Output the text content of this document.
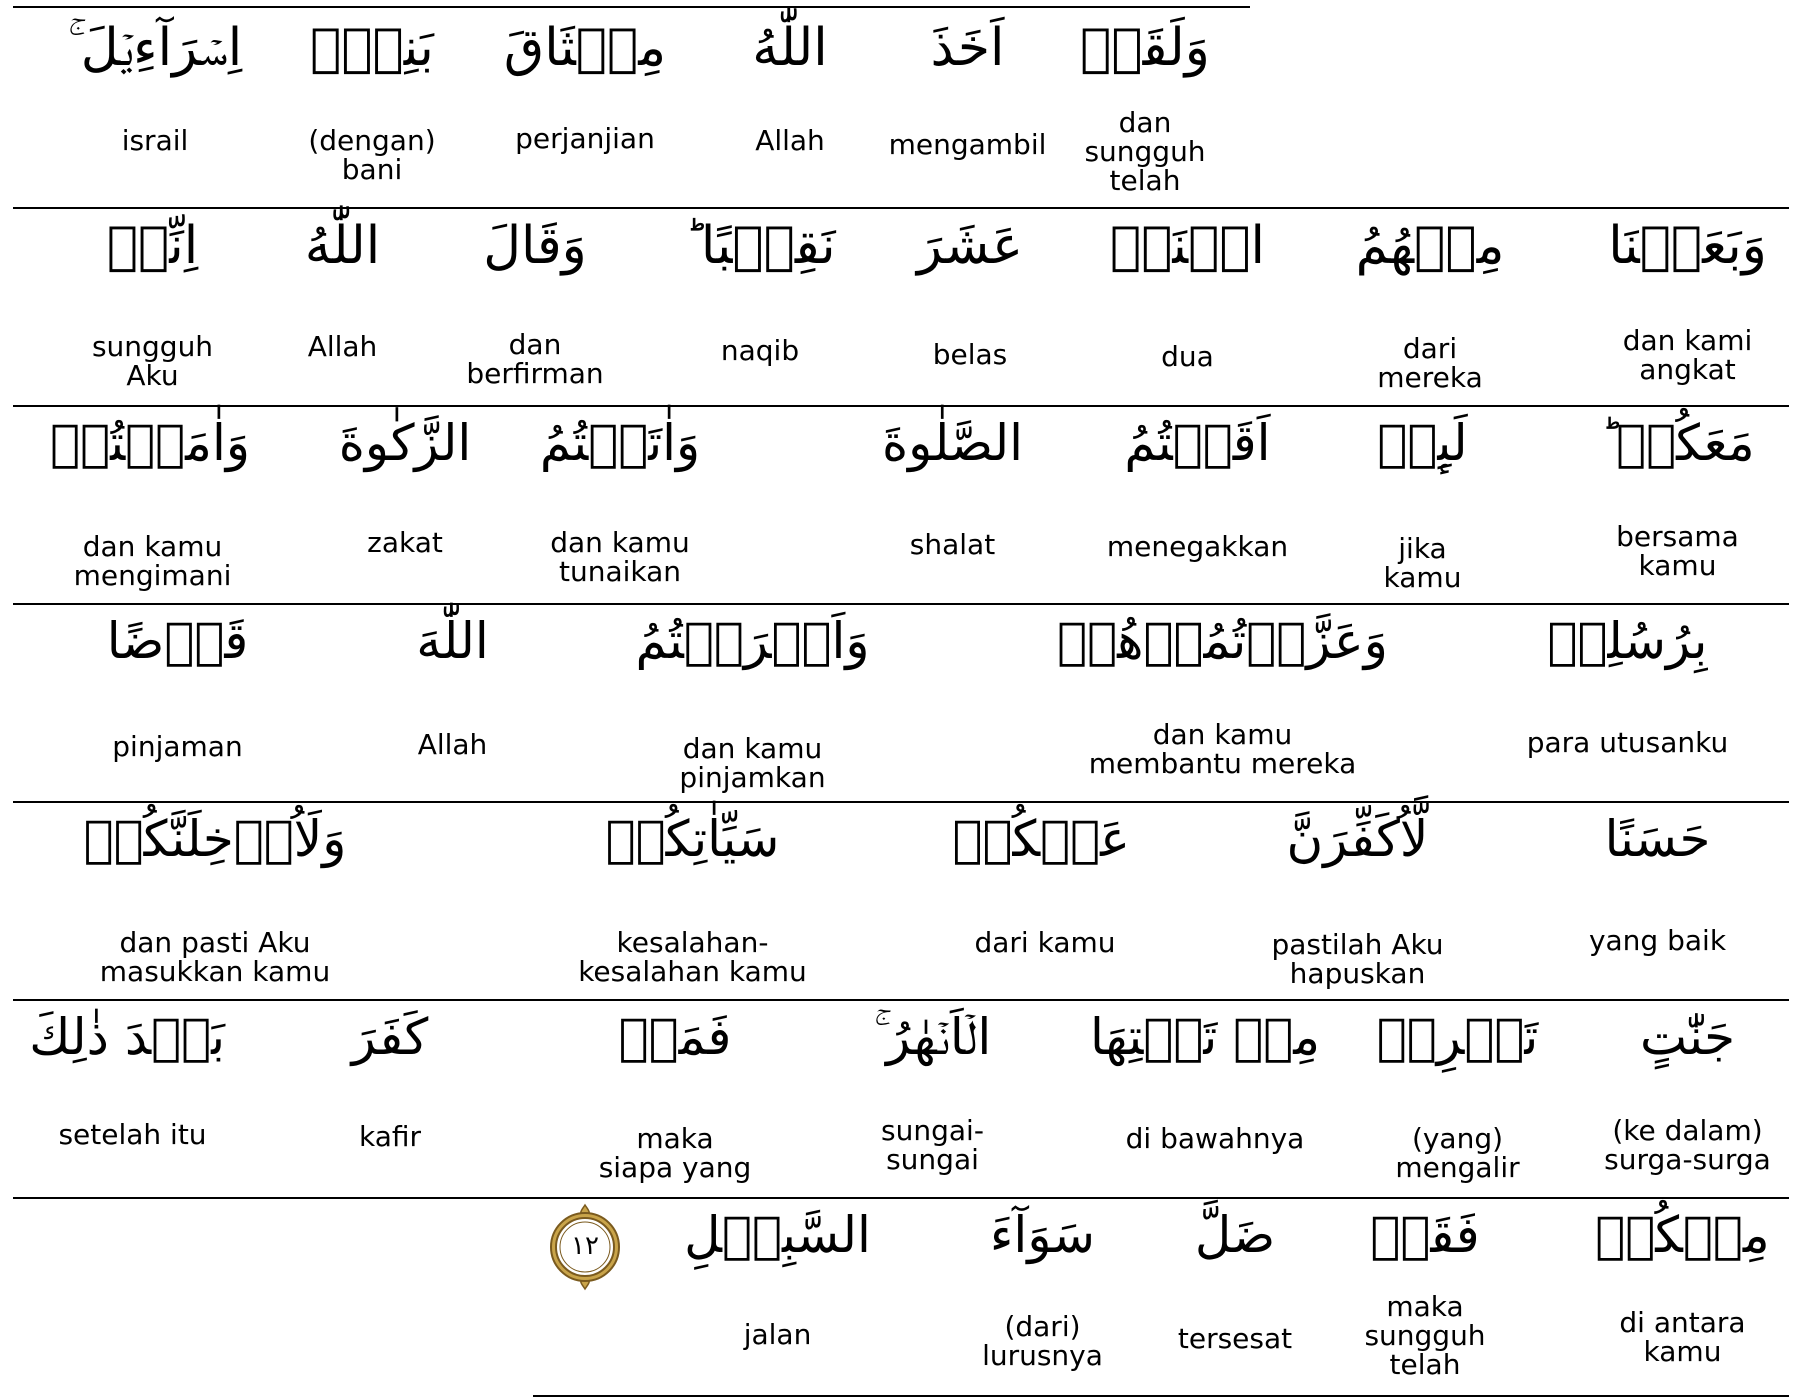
اِسۡرَآءِيۡلَ ۚ
israil
بَنِيۡٓ
(dengan)
bani
مِيۡثَاقَ
perjanjian
اللّٰهُ
Allah
اَخَذَ
mengambil
وَلَقَدۡ
dan
sungguh
telah
اِنِّيۡ
sungguh
Aku
اللّٰهُ
Allah
وَقَالَ
dan
berfirman
نَقِيۡبًا ؕ
naqib
عَشَرَ
belas
اثۡنَيۡ
dua
مِنۡهُمُ
dari
mereka
وَبَعَثۡنَا
dan kami
angkat
وَاٰمَنۡتُمۡ
dan kamu
mengimani
الزَّكٰوةَ
zakat
وَاٰتَيۡتُمُ
dan kamu
tunaikan
الصَّلٰوةَ
shalat
اَقَمۡتُمُ
menegakkan
لَٮِٕنۡ
jika
kamu
مَعَكُمۡ ؕ
bersama
kamu
قَرۡضًا
pinjaman
اللّٰهَ
Allah
وَاَقۡرَضۡتُمُ
dan kamu
pinjamkan
وَعَزَّرۡتُمُوۡهُمۡ
dan kamu
membantu mereka
بِرُسُلِيۡ
para utusanku
وَلَاُدۡخِلَنَّكُمۡ
dan pasti Aku
masukkan kamu
سَيِّاٰتِكُمۡ
kesalahan-
kesalahan kamu
عَنۡكُمۡ
dari kamu
لَّاُكَفِّرَنَّ
pastilah Aku
hapuskan
حَسَنًا
yang baik
بَعۡدَ ذٰلِكَ
setelah itu
كَفَرَ
kafir
فَمَنۡ
maka
siapa yang
الۡاَنۡهٰرُ ۚ
sungai-
sungai
مِنۡ تَحۡتِهَا
di bawahnya
تَجۡرِيۡ
(yang)
mengalir
جَنّٰتٍ
(ke dalam)
surga-surga
السَّبِيۡلِ
jalan
سَوَآءَ
(dari)
lurusnya
ضَلَّ
tersesat
فَقَدۡ
maka
sungguh
telah
مِنۡكُمۡ
di antara
kamu
١٢
